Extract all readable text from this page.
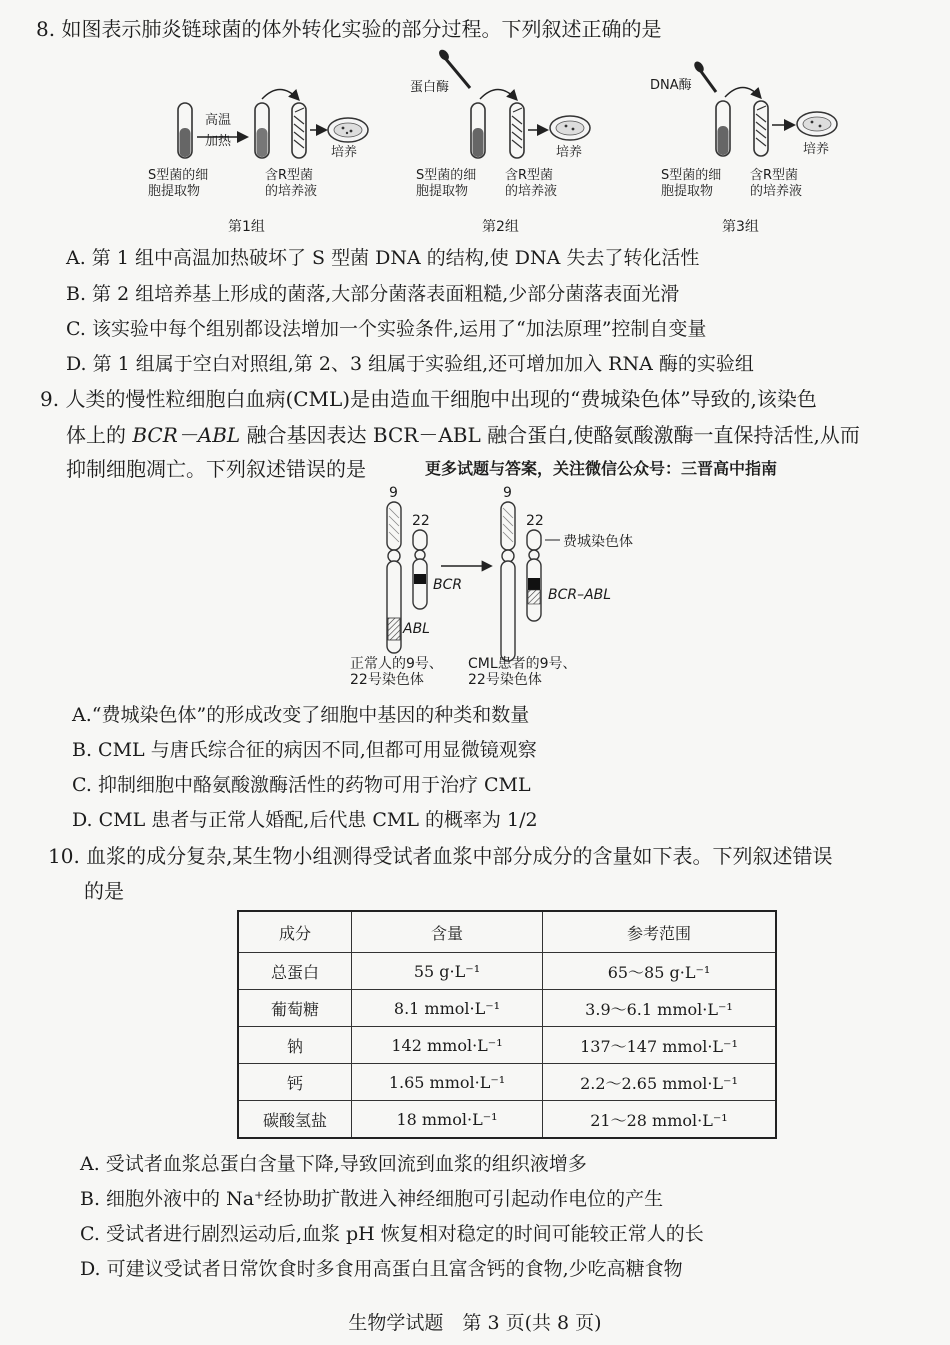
8. 如图表示肺炎链球菌的体外转化实验的部分过程。下列叙述正确的是
高温
加热
培养
S型菌的细
胞提取物
含R型菌
的培养液
第1组
蛋白酶
培养
S型菌的细
胞提取物
含R型菌
的培养液
第2组
DNA酶
培养
S型菌的细
胞提取物
含R型菌
的培养液
第3组
A. 第 1 组中高温加热破坏了 S 型菌 DNA 的结构,使 DNA 失去了转化活性
B. 第 2 组培养基上形成的菌落,大部分菌落表面粗糙,少部分菌落表面光滑
C. 该实验中每个组别都设法增加一个实验条件,运用了“加法原理”控制自变量
D. 第 1 组属于空白对照组,第 2、3 组属于实验组,还可增加加入 RNA 酶的实验组
9. 人类的慢性粒细胞白血病(CML)是由造血干细胞中出现的“费城染色体”导致的,该染色
体上的 BCR－ABL 融合基因表达 BCR－ABL 融合蛋白,使酪氨酸激酶一直保持活性,从而
抑制细胞凋亡。下列叙述错误的是	更多试题与答案，关注微信公众号：三晋高中指南
9
22
BCR
ABL
9
22
费城染色体
BCR–ABL
正常人的9号、
22号染色体
CML患者的9号、
22号染色体
A.“费城染色体”的形成改变了细胞中基因的种类和数量
B. CML 与唐氏综合征的病因不同,但都可用显微镜观察
C. 抑制细胞中酪氨酸激酶活性的药物可用于治疗 CML
D. CML 患者与正常人婚配,后代患 CML 的概率为 1/2
10. 血浆的成分复杂,某生物小组测得受试者血浆中部分成分的含量如下表。下列叙述错误
的是
成分	含量	参考范围
总蛋白	55 g·L⁻¹	65～85 g·L⁻¹
葡萄糖	8.1 mmol·L⁻¹	3.9～6.1 mmol·L⁻¹
钠	142 mmol·L⁻¹	137～147 mmol·L⁻¹
钙	1.65 mmol·L⁻¹	2.2～2.65 mmol·L⁻¹
碳酸氢盐	18 mmol·L⁻¹	21～28 mmol·L⁻¹
A. 受试者血浆总蛋白含量下降,导致回流到血浆的组织液增多
B. 细胞外液中的 Na⁺经协助扩散进入神经细胞可引起动作电位的产生
C. 受试者进行剧烈运动后,血浆 pH 恢复相对稳定的时间可能较正常人的长
D. 可建议受试者日常饮食时多食用高蛋白且富含钙的食物,少吃高糖食物
生物学试题　第 3 页(共 8 页)
